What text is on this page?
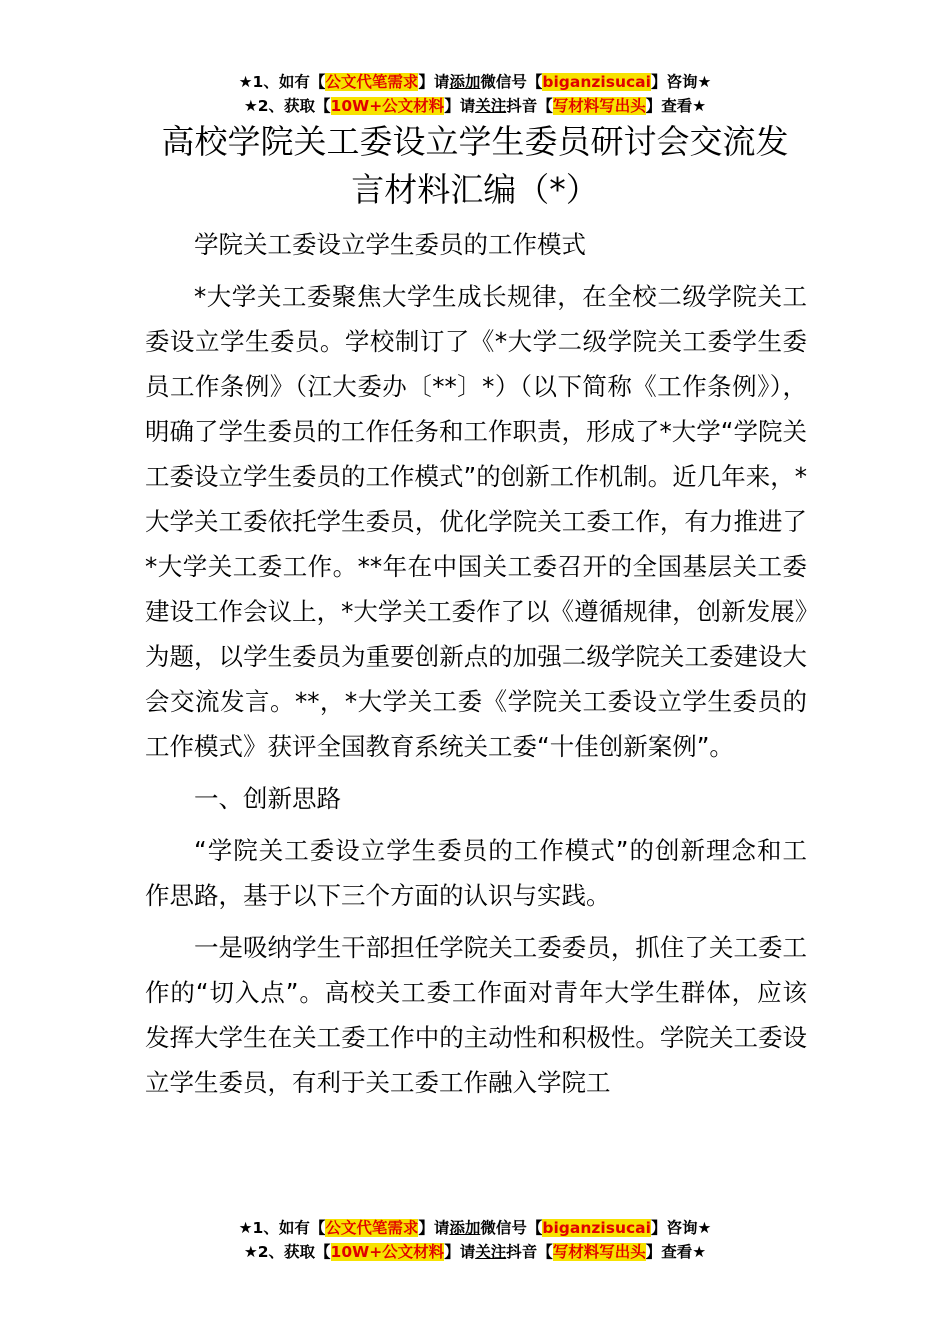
★1、如有【公文代笔需求】请添加微信号【biganzisucai】咨询★
★2、获取【10W+公文材料】请关注抖音【写材料写出头】查看★
高校学院关工委设立学生委员研讨会交流发
言材料汇编（*）

学院关工委设立学生委员的工作模式

*大学关工委聚焦大学生成长规律，在全校二级学院关工委设立学生委员。学校制订了《*大学二级学院关工委学生委员工作条例》（江大委办〔**〕*）（以下简称《工作条例》），明确了学生委员的工作任务和工作职责，形成了*大学“学院关工委设立学生委员的工作模式”的创新工作机制。近几年来，*大学关工委依托学生委员，优化学院关工委工作，有力推进了*大学关工委工作。**年在中国关工委召开的全国基层关工委建设工作会议上，*大学关工委作了以《遵循规律，创新发展》为题，以学生委员为重要创新点的加强二级学院关工委建设大会交流发言。**，*大学关工委《学院关工委设立学生委员的工作模式》获评全国教育系统关工委“十佳创新案例”。

一、创新思路

“学院关工委设立学生委员的工作模式”的创新理念和工作思路，基于以下三个方面的认识与实践。

一是吸纳学生干部担任学院关工委委员，抓住了关工委工作的“切入点”。高校关工委工作面对青年大学生群体，应该发挥大学生在关工委工作中的主动性和积极性。学院关工委设立学生委员，有利于关工委工作融入学院工

★1、如有【公文代笔需求】请添加微信号【biganzisucai】咨询★
★2、获取【10W+公文材料】请关注抖音【写材料写出头】查看★
